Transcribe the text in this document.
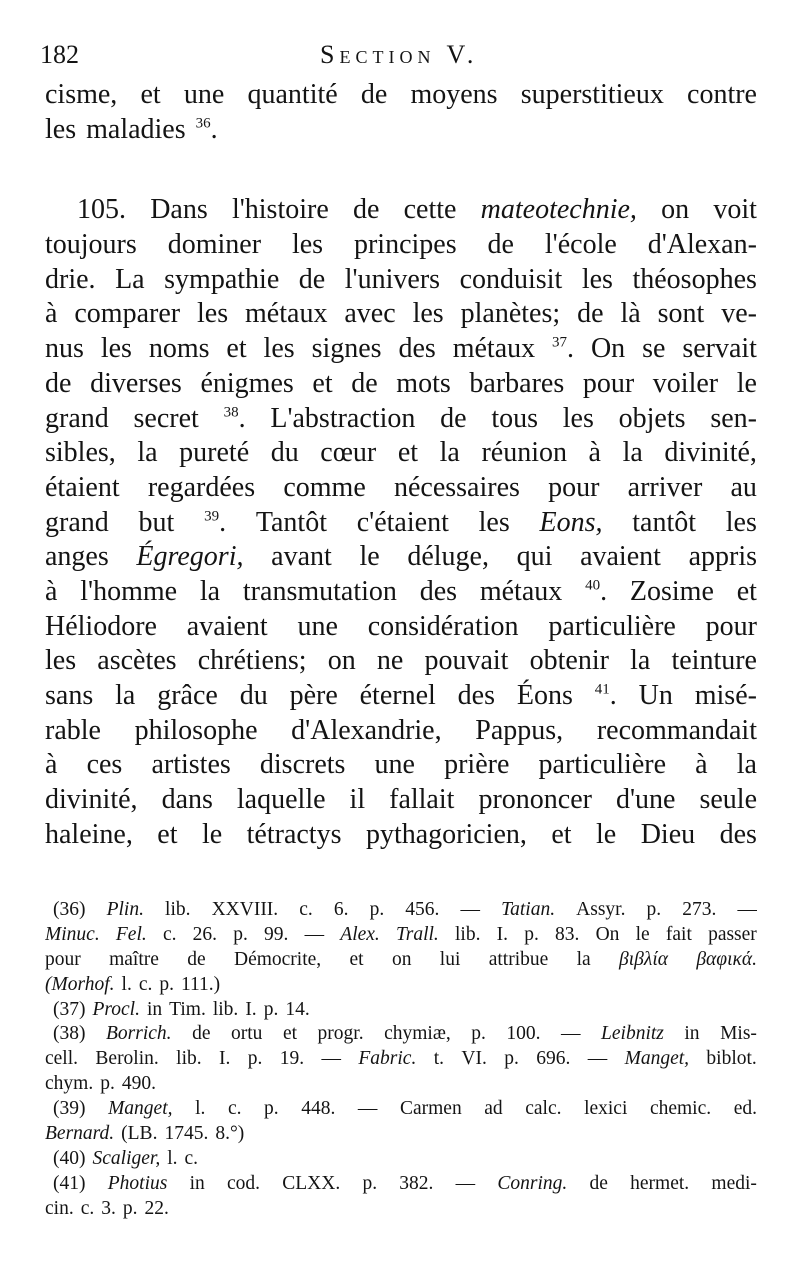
182	Section V.
cisme, et une quantité de moyens superstitieux contre
les maladies $^{36}$.
105. Dans l'histoire de cette mateotechnie, on voit
toujours dominer les principes de l'école d'Alexan-
drie. La sympathie de l'univers conduisit les théosophes
à comparer les métaux avec les planètes; de là sont ve-
nus les noms et les signes des métaux $^{37}$. On se servait
de diverses énigmes et de mots barbares pour voiler le
grand secret $^{38}$. L'abstraction de tous les objets sen-
sibles, la pureté du cœur et la réunion à la divinité,
étaient regardées comme nécessaires pour arriver au
grand but $^{39}$. Tantôt c'étaient les Eons, tantôt les
anges Égregori, avant le déluge, qui avaient appris
à l'homme la transmutation des métaux $^{40}$. Zosime et
Héliodore avaient une considération particulière pour
les ascètes chrétiens; on ne pouvait obtenir la teinture
sans la grâce du père éternel des Éons $^{41}$. Un misé-
rable philosophe d'Alexandrie, Pappus, recommandait
à ces artistes discrets une prière particulière à la
divinité, dans laquelle il fallait prononcer d'une seule
haleine, et le tétractys pythagoricien, et le Dieu des
(36) Plin. lib. XXVIII. c. 6. p. 456. — Tatian. Assyr. p. 273. —
Minuc. Fel. c. 26. p. 99. — Alex. Trall. lib. I. p. 83. On le fait passer
pour maître de Démocrite, et on lui attribue la βιβλία βαφικά.
(Morhof. l. c. p. 111.)
(37) Procl. in Tim. lib. I. p. 14.
(38) Borrich. de ortu et progr. chymiæ, p. 100. — Leibnitz in Mis-
cell. Berolin. lib. I. p. 19. — Fabric. t. VI. p. 696. — Manget, biblot.
chym. p. 490.
(39) Manget, l. c. p. 448. — Carmen ad calc. lexici chemic. ed.
Bernard. (LB. 1745. 8.°)
(40) Scaliger, l. c.
(41) Photius in cod. CLXX. p. 382. — Conring. de hermet. medi-
cin. c. 3. p. 22.
